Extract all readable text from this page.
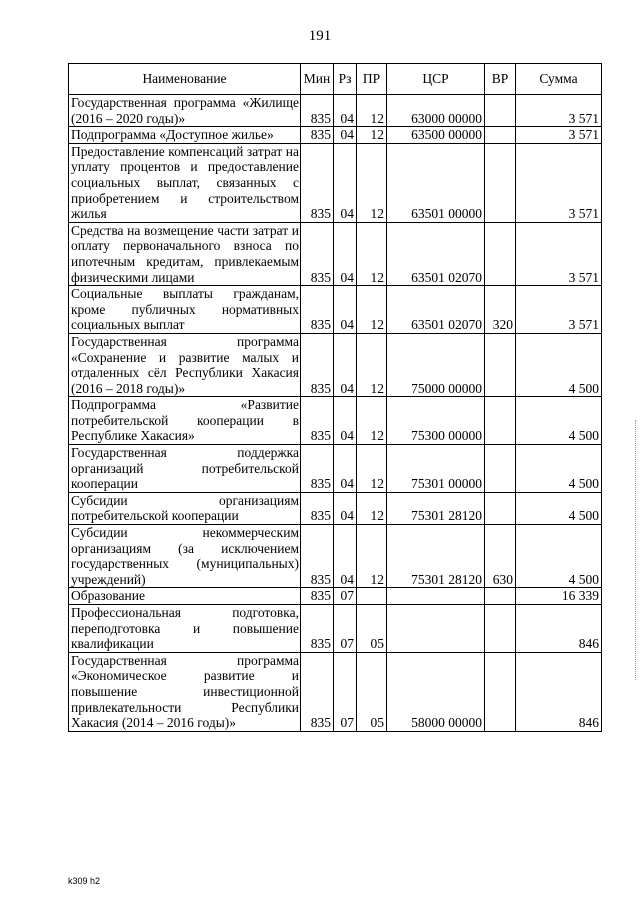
191
Наименование	Мин	Рз	ПР	ЦСР	ВР	Сумма
Государственная программа «Жилище (2016 – 2020 годы)»	835	04	12	63000 00000		3 571
Подпрограмма «Доступное жилье»	835	04	12	63500 00000		3 571
Предоставление компенсаций затрат на уплату процентов и предоставление социальных выплат, связанных с приобретением и строительством жилья	835	04	12	63501 00000		3 571
Средства на возмещение части затрат и оплату первоначального взноса по ипотечным кредитам, привлекаемым физическими лицами	835	04	12	63501 02070		3 571
Социальные выплаты гражданам, кроме публичных нормативных социальных выплат	835	04	12	63501 02070	320	3 571
Государственная программа «Сохранение и развитие малых и отдаленных сёл Республики Хакасия (2016 – 2018 годы)»	835	04	12	75000 00000		4 500
Подпрограмма «Развитие потребительской кооперации в Республике Хакасия»	835	04	12	75300 00000		4 500
Государственная поддержка организаций потребительской кооперации	835	04	12	75301 00000		4 500
Субсидии организациям потребительской кооперации	835	04	12	75301 28120		4 500
Субсидии некоммерческим организациям (за исключением государственных (муниципальных) учреждений)	835	04	12	75301 28120	630	4 500
Образование	835	07				16 339
Профессиональная подготовка, переподготовка и повышение квалификации	835	07	05			846
Государственная программа «Экономическое развитие и повышение инвестиционной привлекательности Республики Хакасия (2014 – 2016 годы)»	835	07	05	58000 00000		846
k309 h2
